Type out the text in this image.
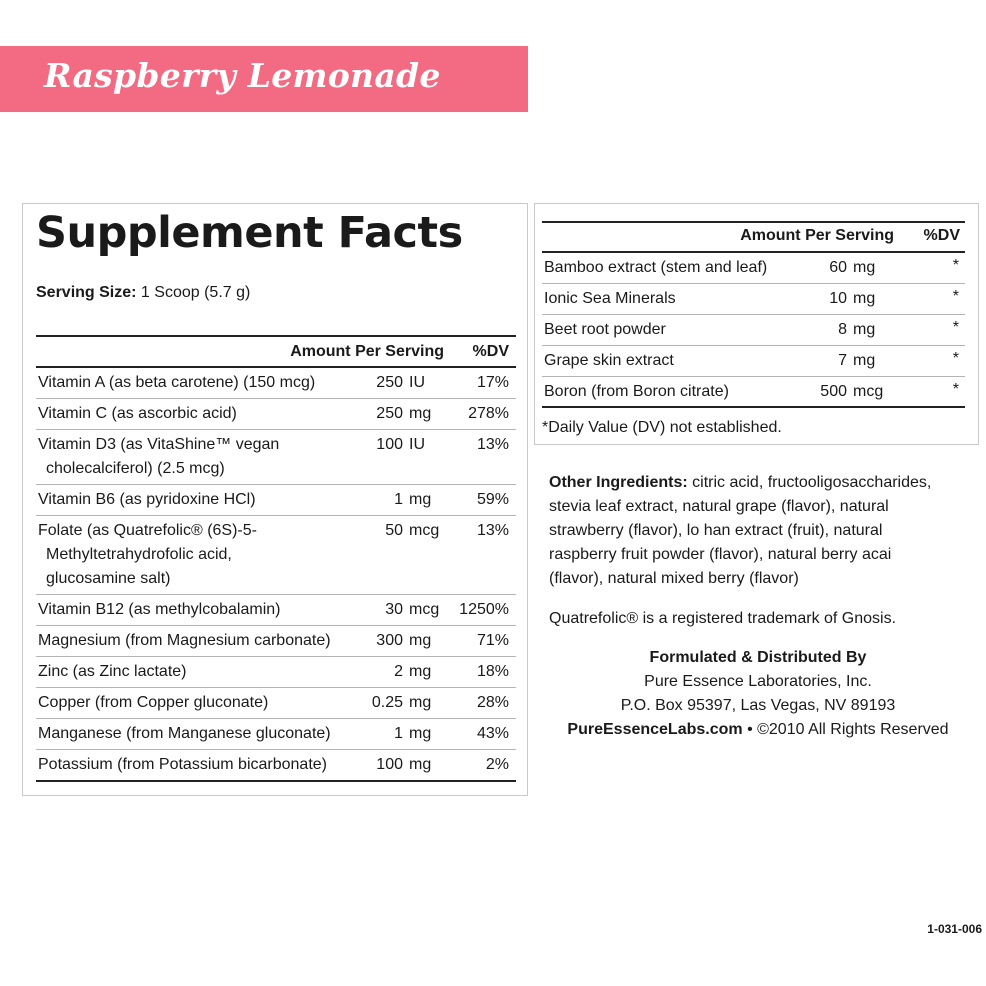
Raspberry Lemonade
Supplement Facts
Serving Size: 1 Scoop (5.7 g)
Amount Per Serving	%DV
Vitamin A (as beta carotene) (150 mcg)	250 IU	17%
Vitamin C (as ascorbic acid)	250 mg	278%
Vitamin D3 (as VitaShine™ vegan
cholecalciferol) (2.5 mcg)
100 IU	13%
Vitamin B6 (as pyridoxine HCl)	1 mg	59%
Folate (as Quatrefolic® (6S)-5-
Methyltetrahydrofolic acid,
glucosamine salt)
50 mcg	13%
Vitamin B12 (as methylcobalamin)	30 mcg	1250%
Magnesium (from Magnesium carbonate)	300 mg	71%
Zinc (as Zinc lactate)	2 mg	18%
Copper (from Copper gluconate)	0.25 mg	28%
Manganese (from Manganese gluconate)	1 mg	43%
Potassium (from Potassium bicarbonate)	100 mg	2%
Amount Per Serving	%DV
Bamboo extract (stem and leaf)	60 mg	*
Ionic Sea Minerals	10 mg	*
Beet root powder	8 mg	*
Grape skin extract	7 mg	*
Boron (from Boron citrate)	500 mcg	*
*Daily Value (DV) not established.
Other Ingredients: citric acid, fructooligosaccharides,
stevia leaf extract, natural grape (flavor), natural
strawberry (flavor), lo han extract (fruit), natural
raspberry fruit powder (flavor), natural berry acai
(flavor), natural mixed berry (flavor)
Quatrefolic® is a registered trademark of Gnosis.
Formulated & Distributed By
Pure Essence Laboratories, Inc.
P.O. Box 95397, Las Vegas, NV 89193
PureEssenceLabs.com • ©2010 All Rights Reserved
1-031-006
